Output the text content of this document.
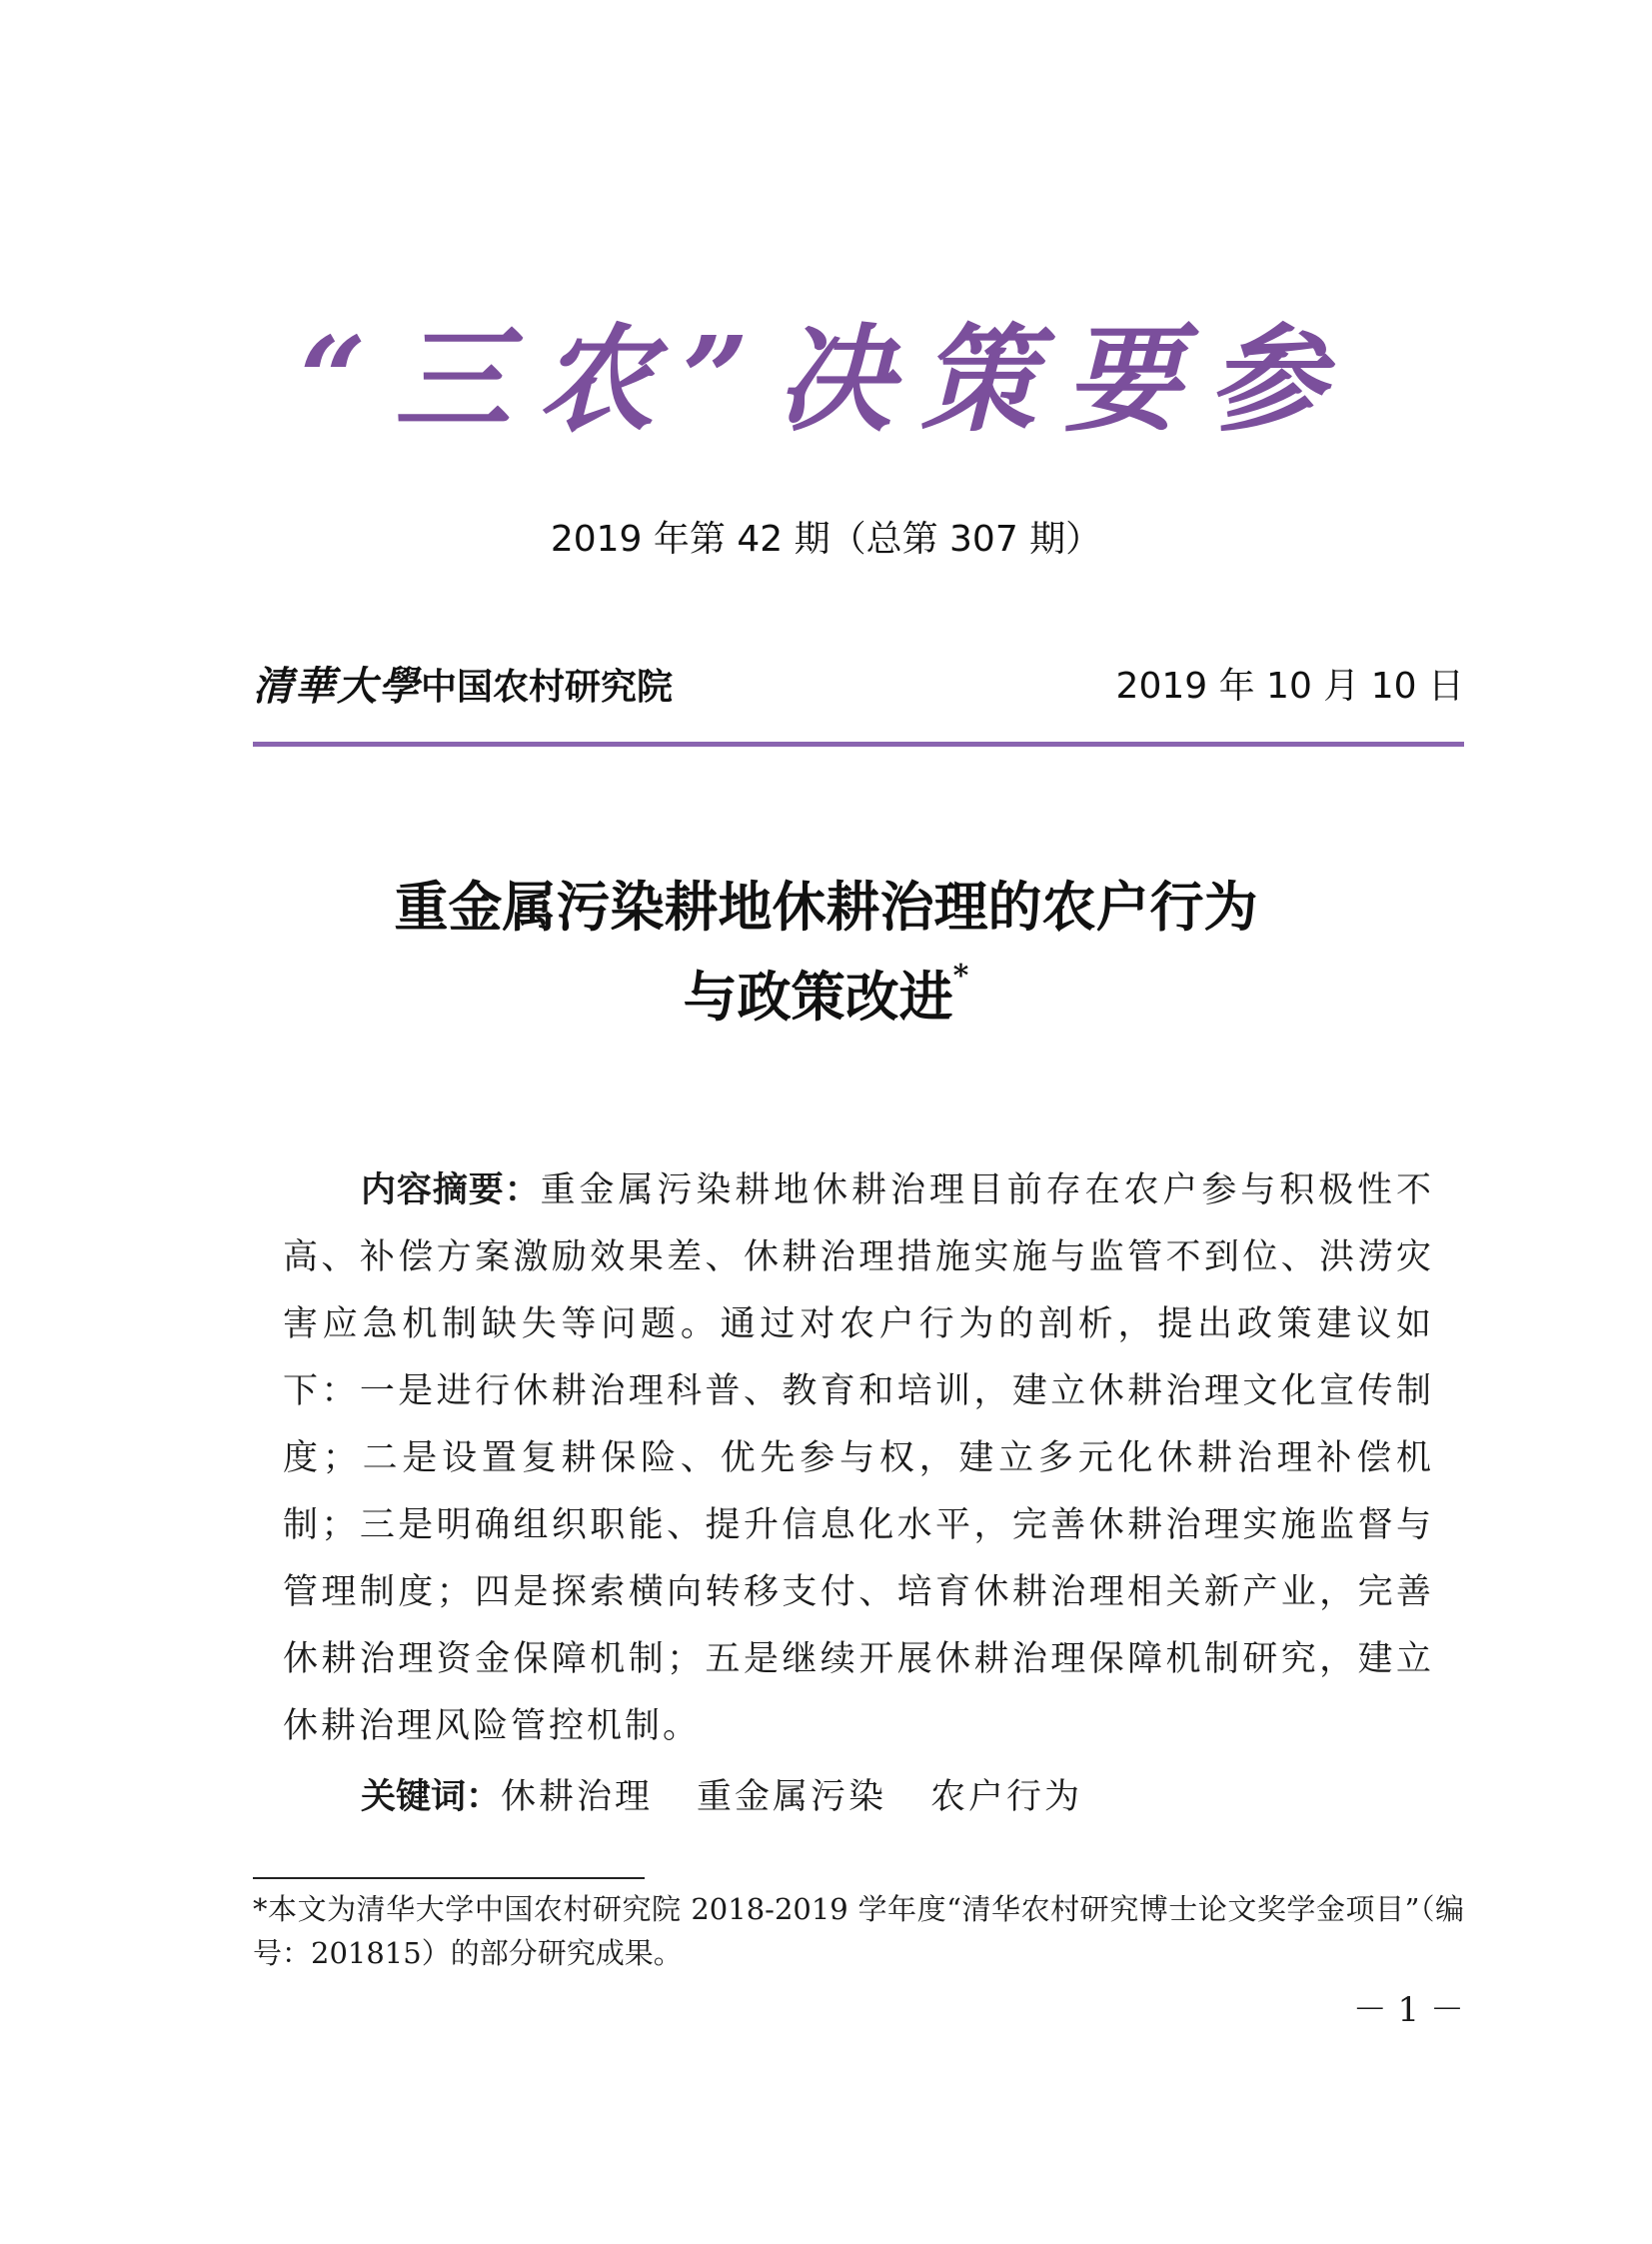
“三农”决策要参
2019 年第 42 期（总第 307 期）
清華大學 中国农村研究院	2019 年 10 月 10 日
重金属污染耕地休耕治理的农户行为
与政策改进*
内容摘要：重金属污染耕地休耕治理目前存在农户参与积极性不高、补偿方案激励效果差、休耕治理措施实施与监管不到位、洪涝灾害应急机制缺失等问题。通过对农户行为的剖析，提出政策建议如下：一是进行休耕治理科普、教育和培训，建立休耕治理文化宣传制度；二是设置复耕保险、优先参与权，建立多元化休耕治理补偿机制；三是明确组织职能、提升信息化水平，完善休耕治理实施监督与管理制度；四是探索横向转移支付、培育休耕治理相关新产业，完善休耕治理资金保障机制；五是继续开展休耕治理保障机制研究，建立休耕治理风险管控机制。
关键词：休耕治理 重金属污染 农户行为
*本文为清华大学中国农村研究院 2018-2019 学年度“清华农村研究博士论文奖学金项目”（编号：201815）的部分研究成果。
－ 1 －
